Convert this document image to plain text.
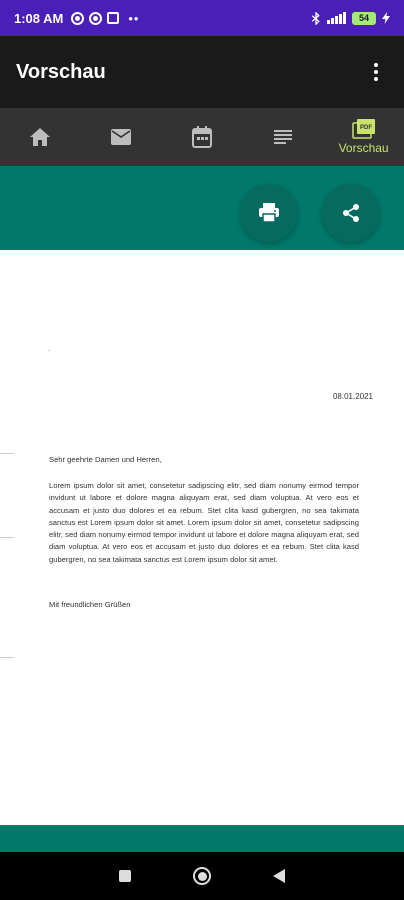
1:08 AM	••	54
Vorschau
PDF
Vorschau
.
08.01.2021
Sehr geehrte Damen und Herren,

Lorem ipsum dolor sit amet, consetetur sadipscing elitr, sed diam nonumy eirmod tempor invidunt ut labore et dolore magna aliquyam erat, sed diam voluptua. At vero eos et accusam et justo duo dolores et ea rebum. Stet clita kasd gubergren, no sea takimata sanctus est Lorem ipsum dolor sit amet. Lorem ipsum dolor sit amet, consetetur sadipscing elitr, sed diam nonumy eirmod tempor invidunt ut labore et dolore magna aliquyam erat, sed diam voluptua. At vero eos et accusam et justo duo dolores et ea rebum. Stet clita kasd gubergren, no sea takimata sanctus est Lorem ipsum dolor sit amet.

Mit freundlichen Grüßen
